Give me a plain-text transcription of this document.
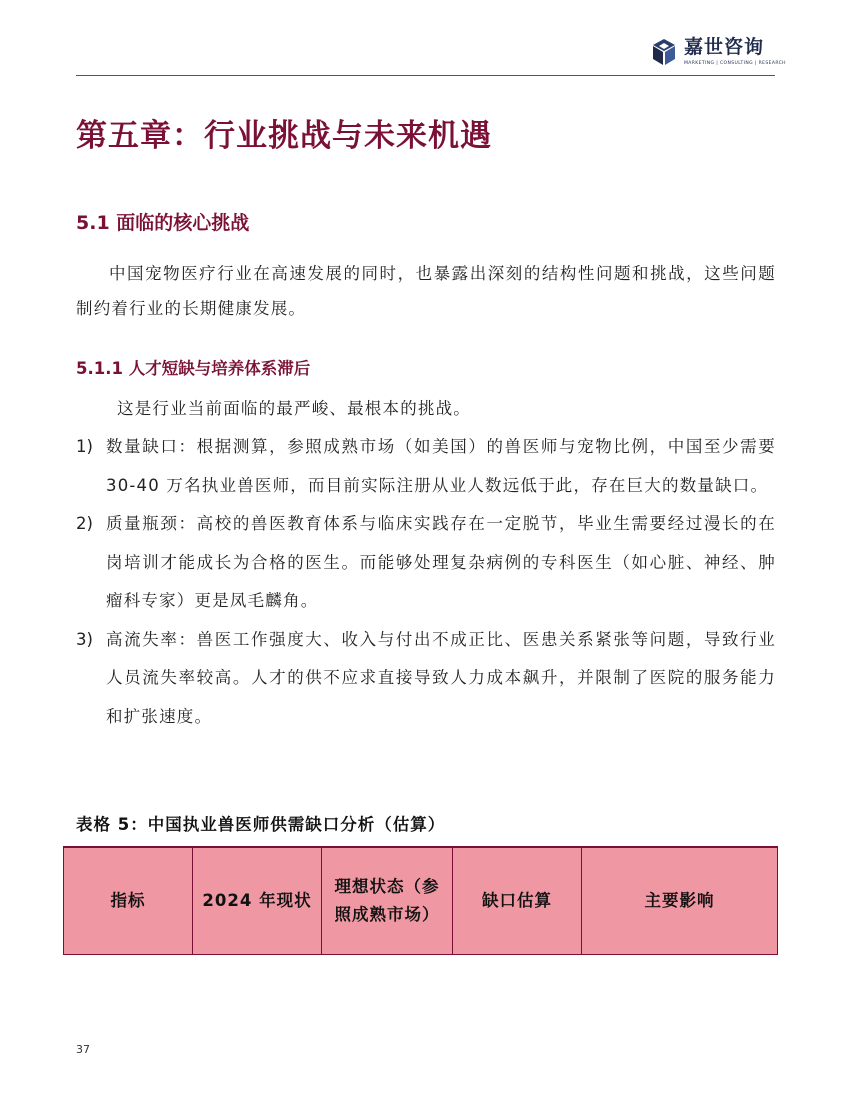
嘉世咨询
MARKETING | CONSULTING | RESEARCH
第五章：行业挑战与未来机遇
5.1 面临的核心挑战
中国宠物医疗行业在高速发展的同时，也暴露出深刻的结构性问题和挑战，这些问题制约着行业的长期健康发展。
5.1.1 人才短缺与培养体系滞后
这是行业当前面临的最严峻、最根本的挑战。
1) 数量缺口：根据测算，参照成熟市场（如美国）的兽医师与宠物比例，中国至少需要 30-40 万名执业兽医师，而目前实际注册从业人数远低于此，存在巨大的数量缺口。
2) 质量瓶颈：高校的兽医教育体系与临床实践存在一定脱节，毕业生需要经过漫长的在岗培训才能成长为合格的医生。而能够处理复杂病例的专科医生（如心脏、神经、肿瘤科专家）更是凤毛麟角。
3) 高流失率：兽医工作强度大、收入与付出不成正比、医患关系紧张等问题，导致行业人员流失率较高。人才的供不应求直接导致人力成本飙升，并限制了医院的服务能力和扩张速度。
表格 5：中国执业兽医师供需缺口分析（估算）
指标	2024 年现状	理想状态（参照成熟市场）	缺口估算	主要影响
37
